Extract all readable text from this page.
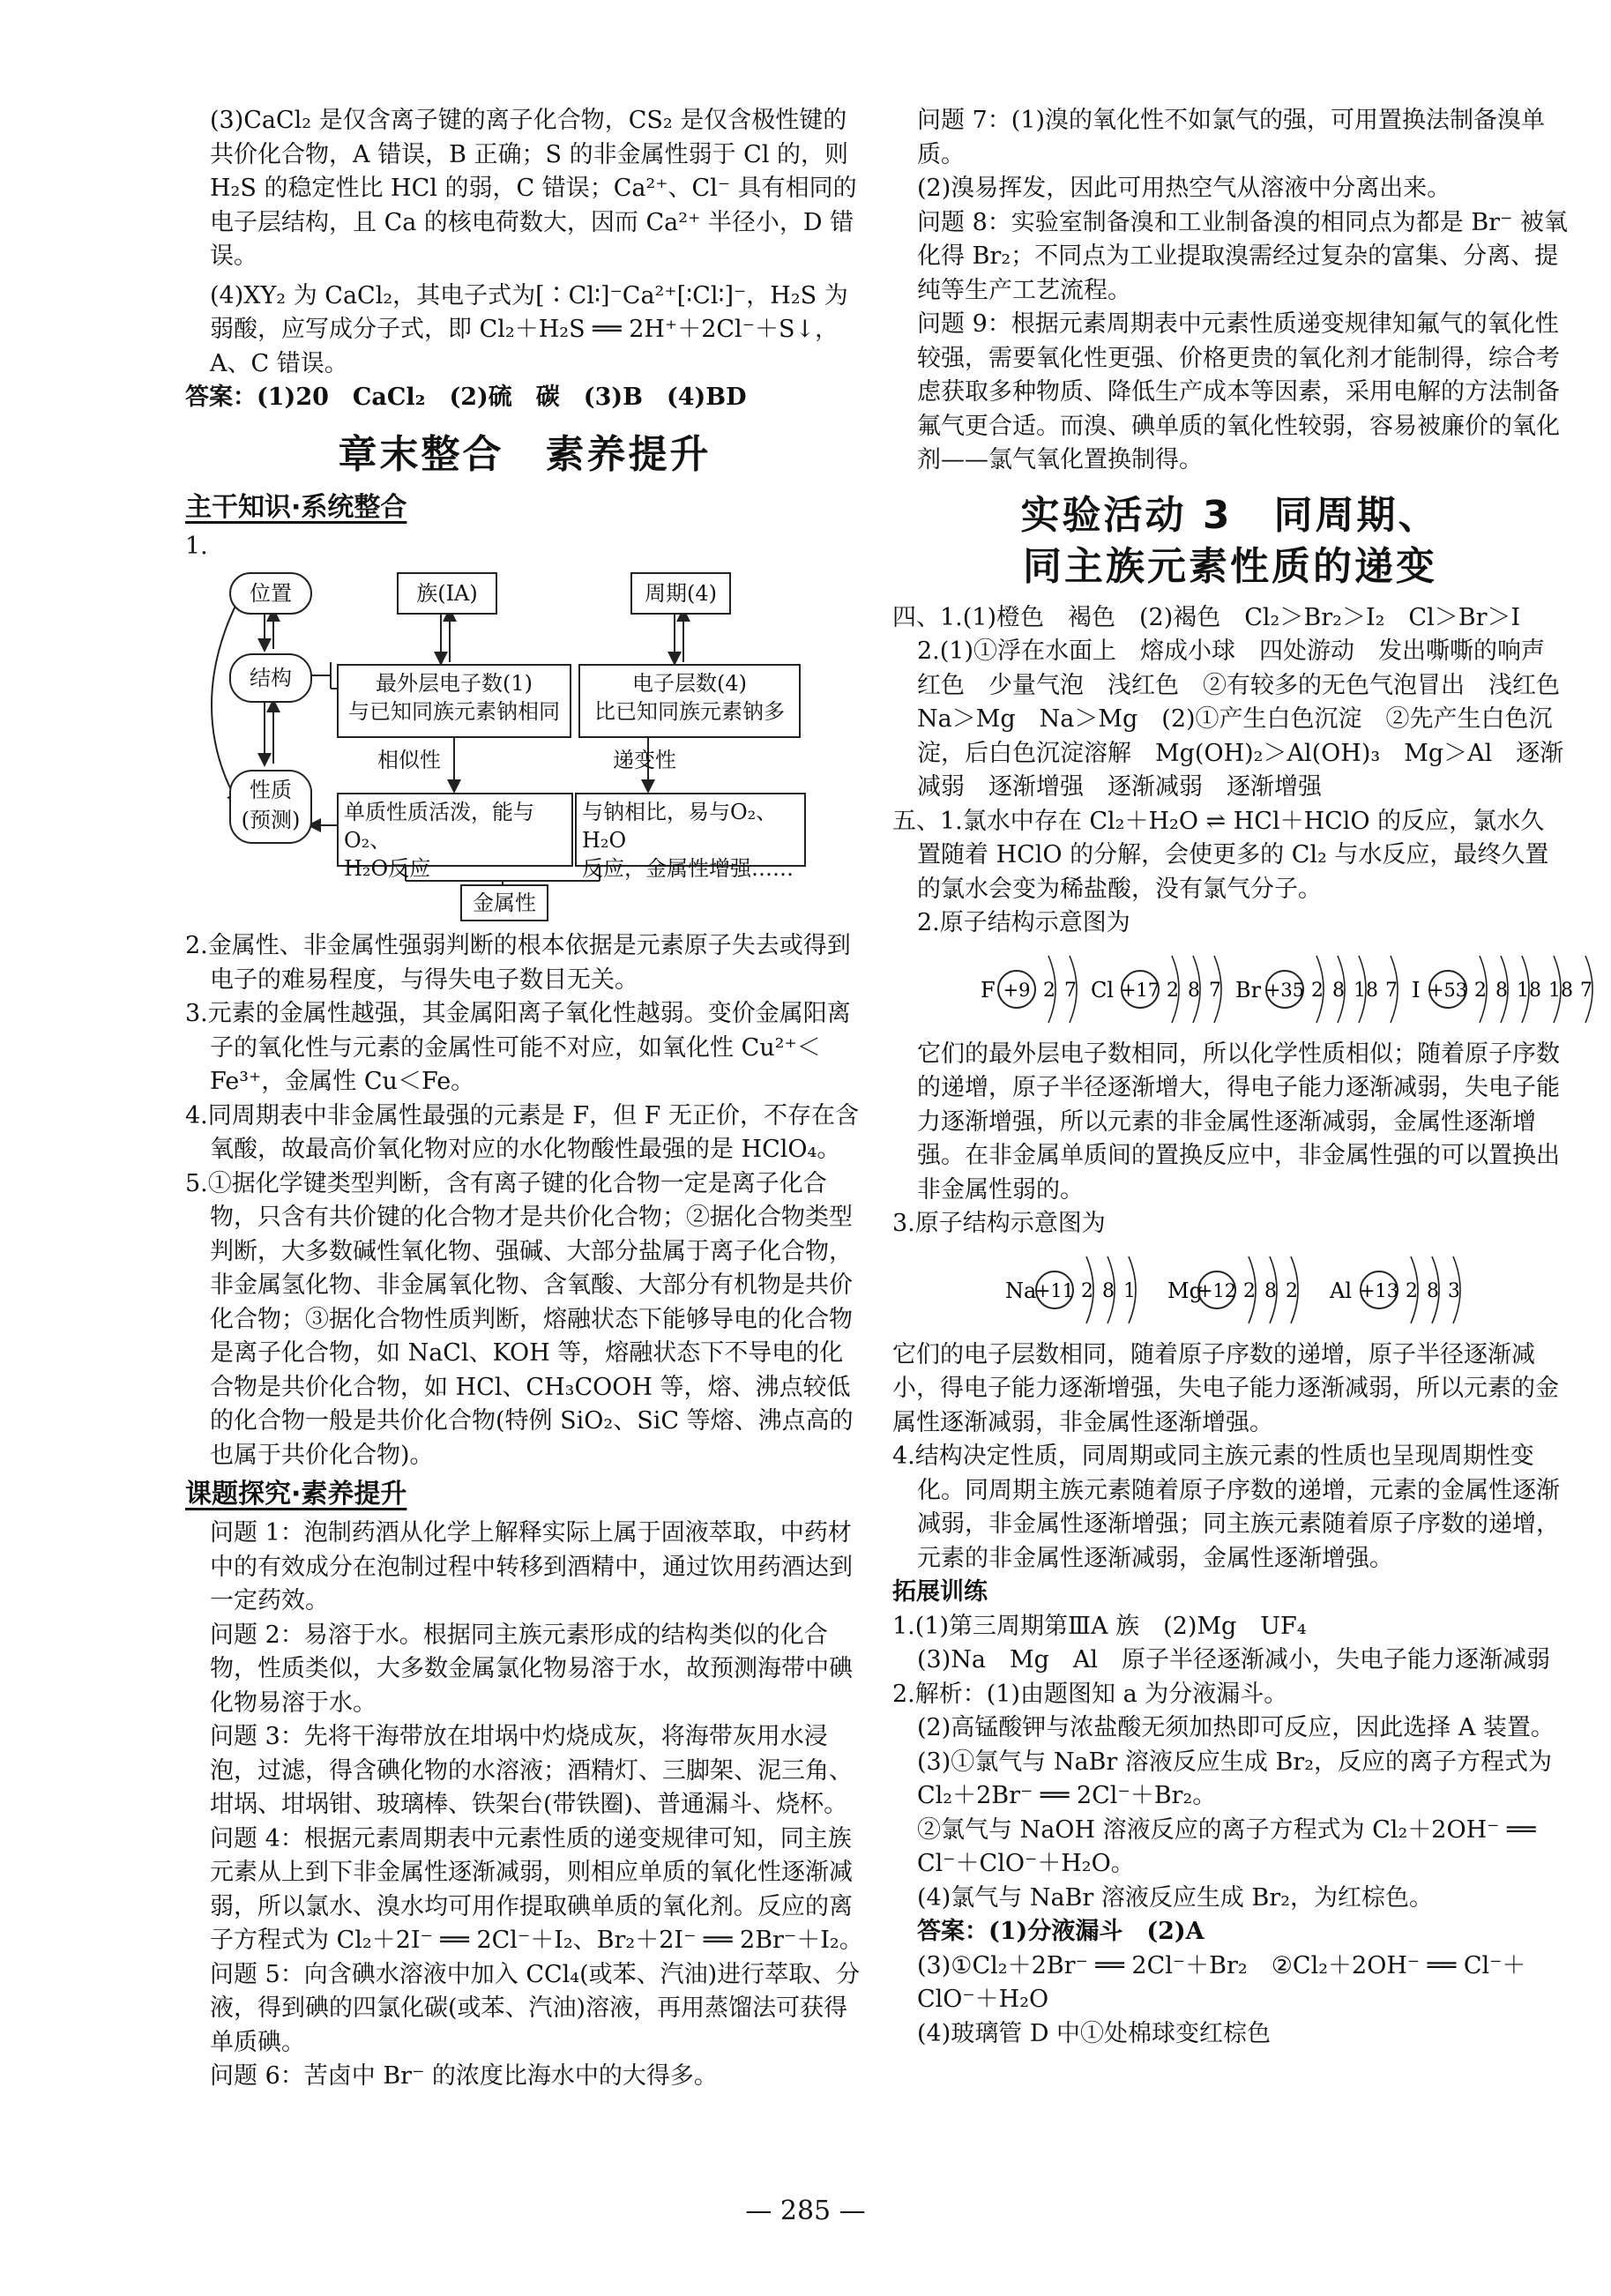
(3)CaCl₂ 是仅含离子键的离子化合物，CS₂ 是仅含极性键的共价化合物，A 错误，B 正确；S 的非金属性弱于 Cl 的，则 H₂S 的稳定性比 HCl 的弱，C 错误；Ca²⁺、Cl⁻ 具有相同的电子层结构，且 Ca 的核电荷数大，因而 Ca²⁺ 半径小，D 错误。

(4)XY₂ 为 CaCl₂，其电子式为[∶Cl∶]⁻Ca²⁺[∶Cl∶]⁻，H₂S 为弱酸，应写成分子式，即 Cl₂＋H₂S ══ 2H⁺＋2Cl⁻＋S↓，A、C 错误。

答案：(1)20　CaCl₂　(2)硫　碳　(3)B　(4)BD

章末整合　素养提升
主干知识·系统整合

1.

位置
结构
性质
(预测)
族(ⅠA)	周期(4)
最外层电子数(1)
与已知同族元素钠相同
电子层数(4)
比已知同族元素钠多
相似性	递变性
单质性质活泼，能与O₂、
H₂O反应
与钠相比，易与O₂、H₂O
反应，金属性增强……
金属性

2.金属性、非金属性强弱判断的根本依据是元素原子失去或得到电子的难易程度，与得失电子数目无关。

3.元素的金属性越强，其金属阳离子氧化性越弱。变价金属阳离子的氧化性与元素的金属性可能不对应，如氧化性 Cu²⁺＜Fe³⁺，金属性 Cu＜Fe。

4.同周期表中非金属性最强的元素是 F，但 F 无正价，不存在含氧酸，故最高价氧化物对应的水化物酸性最强的是 HClO₄。

5.①据化学键类型判断，含有离子键的化合物一定是离子化合物，只含有共价键的化合物才是共价化合物；②据化合物类型判断，大多数碱性氧化物、强碱、大部分盐属于离子化合物，非金属氢化物、非金属氧化物、含氧酸、大部分有机物是共价化合物；③据化合物性质判断，熔融状态下能够导电的化合物是离子化合物，如 NaCl、KOH 等，熔融状态下不导电的化合物是共价化合物，如 HCl、CH₃COOH 等，熔、沸点较低的化合物一般是共价化合物(特例 SiO₂、SiC 等熔、沸点高的也属于共价化合物)。

课题探究·素养提升

问题 1：泡制药酒从化学上解释实际上属于固液萃取，中药材中的有效成分在泡制过程中转移到酒精中，通过饮用药酒达到一定药效。

问题 2：易溶于水。根据同主族元素形成的结构类似的化合物，性质类似，大多数金属氯化物易溶于水，故预测海带中碘化物易溶于水。

问题 3：先将干海带放在坩埚中灼烧成灰，将海带灰用水浸泡，过滤，得含碘化物的水溶液；酒精灯、三脚架、泥三角、坩埚、坩埚钳、玻璃棒、铁架台(带铁圈)、普通漏斗、烧杯。

问题 4：根据元素周期表中元素性质的递变规律可知，同主族元素从上到下非金属性逐渐减弱，则相应单质的氧化性逐渐减弱，所以氯水、溴水均可用作提取碘单质的氧化剂。反应的离子方程式为 Cl₂＋2I⁻ ══ 2Cl⁻＋I₂、Br₂＋2I⁻ ══ 2Br⁻＋I₂。

问题 5：向含碘水溶液中加入 CCl₄(或苯、汽油)进行萃取、分液，得到碘的四氯化碳(或苯、汽油)溶液，再用蒸馏法可获得单质碘。

问题 6：苦卤中 Br⁻ 的浓度比海水中的大得多。

问题 7：(1)溴的氧化性不如氯气的强，可用置换法制备溴单质。

(2)溴易挥发，因此可用热空气从溶液中分离出来。

问题 8：实验室制备溴和工业制备溴的相同点为都是 Br⁻ 被氧化得 Br₂；不同点为工业提取溴需经过复杂的富集、分离、提纯等生产工艺流程。

问题 9：根据元素周期表中元素性质递变规律知氟气的氧化性较强，需要氧化性更强、价格更贵的氧化剂才能制得，综合考虑获取多种物质、降低生产成本等因素，采用电解的方法制备氟气更合适。而溴、碘单质的氧化性较弱，容易被廉价的氧化剂——氯气氧化置换制得。

实验活动 3　同周期、
同主族元素性质的递变

四、1.(1)橙色　褐色　(2)褐色　Cl₂＞Br₂＞I₂　Cl＞Br＞I

2.(1)①浮在水面上　熔成小球　四处游动　发出嘶嘶的响声　红色　少量气泡　浅红色　②有较多的无色气泡冒出　浅红色　Na＞Mg　Na＞Mg　(2)①产生白色沉淀　②先产生白色沉淀，后白色沉淀溶解　Mg(OH)₂＞Al(OH)₃　Mg＞Al　逐渐减弱　逐渐增强　逐渐减弱　逐渐增强

五、1.氯水中存在 Cl₂＋H₂O ⇌ HCl＋HClO 的反应，氯水久置随着 HClO 的分解，会使更多的 Cl₂ 与水反应，最终久置的氯水会变为稀盐酸，没有氯气分子。

2.原子结构示意图为

F +9 2 7 Cl +17 2 8 7 Br +35 2 8 18 7 I +53 2 8 18 18 7

它们的最外层电子数相同，所以化学性质相似；随着原子序数的递增，原子半径逐渐增大，得电子能力逐渐减弱，失电子能力逐渐增强，所以元素的非金属性逐渐减弱，金属性逐渐增强。在非金属单质间的置换反应中，非金属性强的可以置换出非金属性弱的。

3.原子结构示意图为

Na
+11 2 8 1 Mg
+12 2 8 2 Al +13 2 8 3

它们的电子层数相同，随着原子序数的递增，原子半径逐渐减小，得电子能力逐渐增强，失电子能力逐渐减弱，所以元素的金属性逐渐减弱，非金属性逐渐增强。

4.结构决定性质，同周期或同主族元素的性质也呈现周期性变化。同周期主族元素随着原子序数的递增，元素的金属性逐渐减弱，非金属性逐渐增强；同主族元素随着原子序数的递增，元素的非金属性逐渐减弱，金属性逐渐增强。

拓展训练

1.(1)第三周期第ⅢA 族　(2)Mg　UF₄

(3)Na　Mg　Al　原子半径逐渐减小，失电子能力逐渐减弱

2.解析：(1)由题图知 a 为分液漏斗。

(2)高锰酸钾与浓盐酸无须加热即可反应，因此选择 A 装置。

(3)①氯气与 NaBr 溶液反应生成 Br₂，反应的离子方程式为 Cl₂＋2Br⁻ ══ 2Cl⁻＋Br₂。

②氯气与 NaOH 溶液反应的离子方程式为 Cl₂＋2OH⁻ ══ Cl⁻＋ClO⁻＋H₂O。

(4)氯气与 NaBr 溶液反应生成 Br₂，为红棕色。

答案：(1)分液漏斗　(2)A

(3)①Cl₂＋2Br⁻ ══ 2Cl⁻＋Br₂　②Cl₂＋2OH⁻ ══ Cl⁻＋ClO⁻＋H₂O

(4)玻璃管 D 中①处棉球变红棕色

— 285 —
